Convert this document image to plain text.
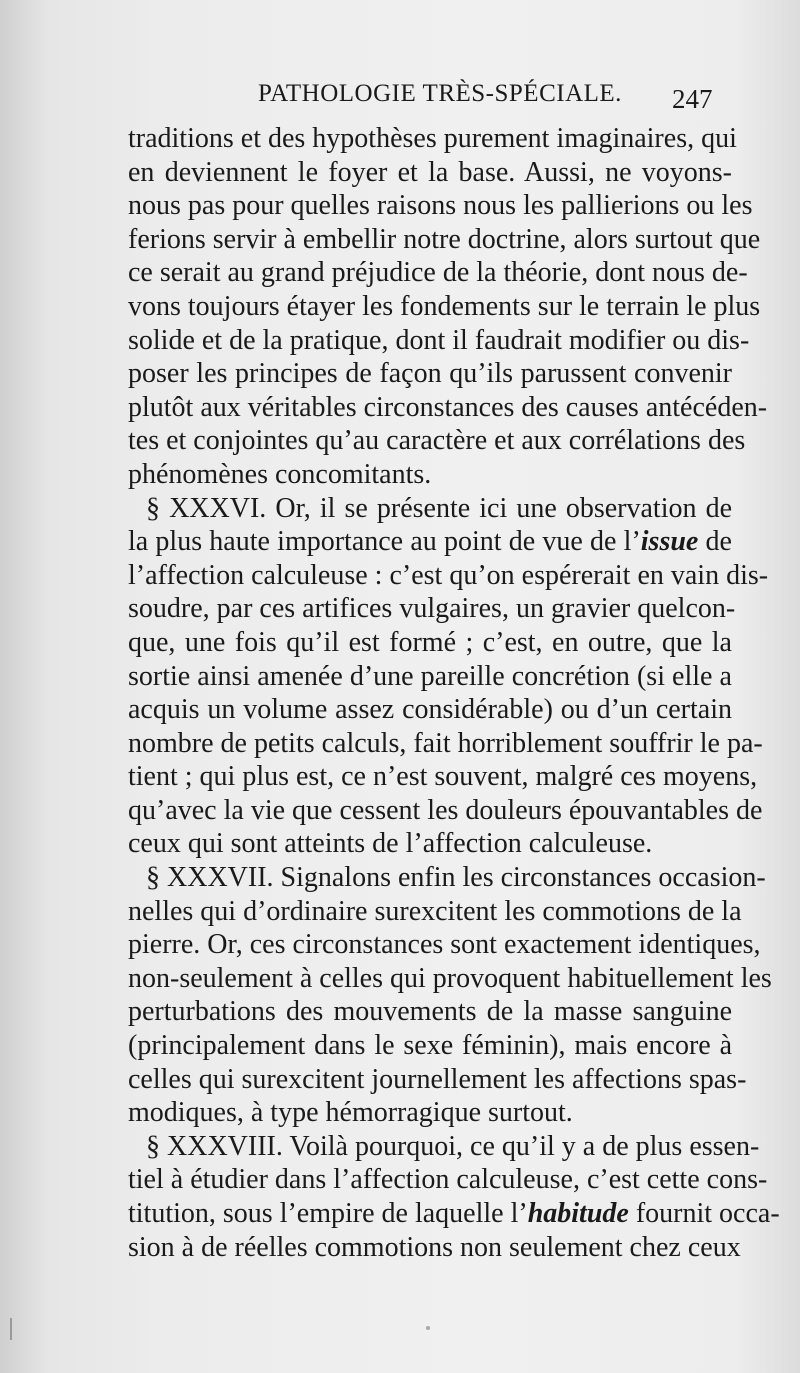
PATHOLOGIE TRÈS-SPÉCIALE. 247
traditions et des hypothèses purement imaginaires, qui
en deviennent le foyer et la base. Aussi, ne voyons-
nous pas pour quelles raisons nous les pallierions ou les
ferions servir à embellir notre doctrine, alors surtout que
ce serait au grand préjudice de la théorie, dont nous de-
vons toujours étayer les fondements sur le terrain le plus
solide et de la pratique, dont il faudrait modifier ou dis-
poser les principes de façon qu’ils parussent convenir
plutôt aux véritables circonstances des causes antécéden-
tes et conjointes qu’au caractère et aux corrélations des
phénomènes concomitants.
§ XXXVI. Or, il se présente ici une observation de
la plus haute importance au point de vue de l’issue de
l’affection calculeuse : c’est qu’on espérerait en vain dis-
soudre, par ces artifices vulgaires, un gravier quelcon-
que, une fois qu’il est formé ; c’est, en outre, que la
sortie ainsi amenée d’une pareille concrétion (si elle a
acquis un volume assez considérable) ou d’un certain
nombre de petits calculs, fait horriblement souffrir le pa-
tient ; qui plus est, ce n’est souvent, malgré ces moyens,
qu’avec la vie que cessent les douleurs épouvantables de
ceux qui sont atteints de l’affection calculeuse.
§ XXXVII. Signalons enfin les circonstances occasion-
nelles qui d’ordinaire surexcitent les commotions de la
pierre. Or, ces circonstances sont exactement identiques,
non-seulement à celles qui provoquent habituellement les
perturbations des mouvements de la masse sanguine
(principalement dans le sexe féminin), mais encore à
celles qui surexcitent journellement les affections spas-
modiques, à type hémorragique surtout.
§ XXXVIII. Voilà pourquoi, ce qu’il y a de plus essen-
tiel à étudier dans l’affection calculeuse, c’est cette cons-
titution, sous l’empire de laquelle l’habitude fournit occa-
sion à de réelles commotions non seulement chez ceux
